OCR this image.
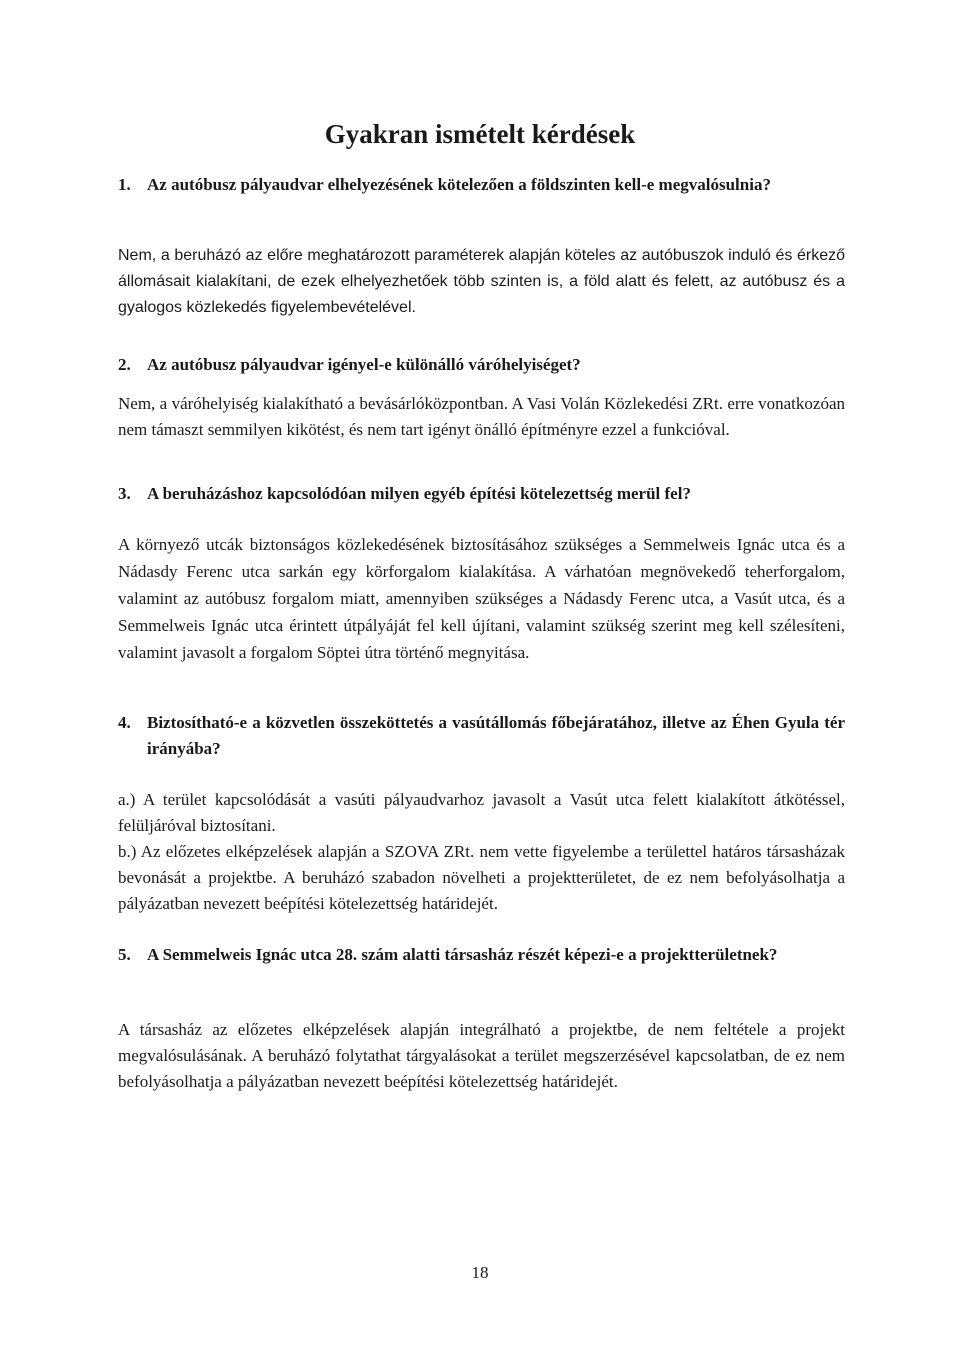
Gyakran ismételt kérdések
1. Az autóbusz pályaudvar elhelyezésének kötelezően a földszinten kell-e megvalósulnia?

Nem, a beruházó az előre meghatározott paraméterek alapján köteles az autóbuszok induló és érkező állomásait kialakítani, de ezek elhelyezhetőek több szinten is, a föld alatt és felett, az autóbusz és a gyalogos közlekedés figyelembevételével.

2. Az autóbusz pályaudvar igényel-e különálló váróhelyiséget?

Nem, a váróhelyiség kialakítható a bevásárlóközpontban. A Vasi Volán Közlekedési ZRt. erre vonatkozóan nem támaszt semmilyen kikötést, és nem tart igényt önálló építményre ezzel a funkcióval.

3. A beruházáshoz kapcsolódóan milyen egyéb építési kötelezettség merül fel?

A környező utcák biztonságos közlekedésének biztosításához szükséges a Semmelweis Ignác utca és a Nádasdy Ferenc utca sarkán egy körforgalom kialakítása. A várhatóan megnövekedő teherforgalom, valamint az autóbusz forgalom miatt, amennyiben szükséges a Nádasdy Ferenc utca, a Vasút utca, és a Semmelweis Ignác utca érintett útpályáját fel kell újítani, valamint szükség szerint meg kell szélesíteni, valamint javasolt a forgalom Söptei útra történő megnyitása.

4. Biztosítható-e a közvetlen összeköttetés a vasútállomás főbejáratához, illetve az Éhen Gyula tér irányába?

a.) A terület kapcsolódását a vasúti pályaudvarhoz javasolt a Vasút utca felett kialakított átkötéssel, felüljáróval biztosítani.

b.) Az előzetes elképzelések alapján a SZOVA ZRt. nem vette figyelembe a területtel határos társasházak bevonását a projektbe. A beruházó szabadon növelheti a projektterületet, de ez nem befolyásolhatja a pályázatban nevezett beépítési kötelezettség határidejét.

5. A Semmelweis Ignác utca 28. szám alatti társasház részét képezi-e a projektterületnek?

A társasház az előzetes elképzelések alapján integrálható a projektbe, de nem feltétele a projekt megvalósulásának. A beruházó folytathat tárgyalásokat a terület megszerzésével kapcsolatban, de ez nem befolyásolhatja a pályázatban nevezett beépítési kötelezettség határidejét.

18
